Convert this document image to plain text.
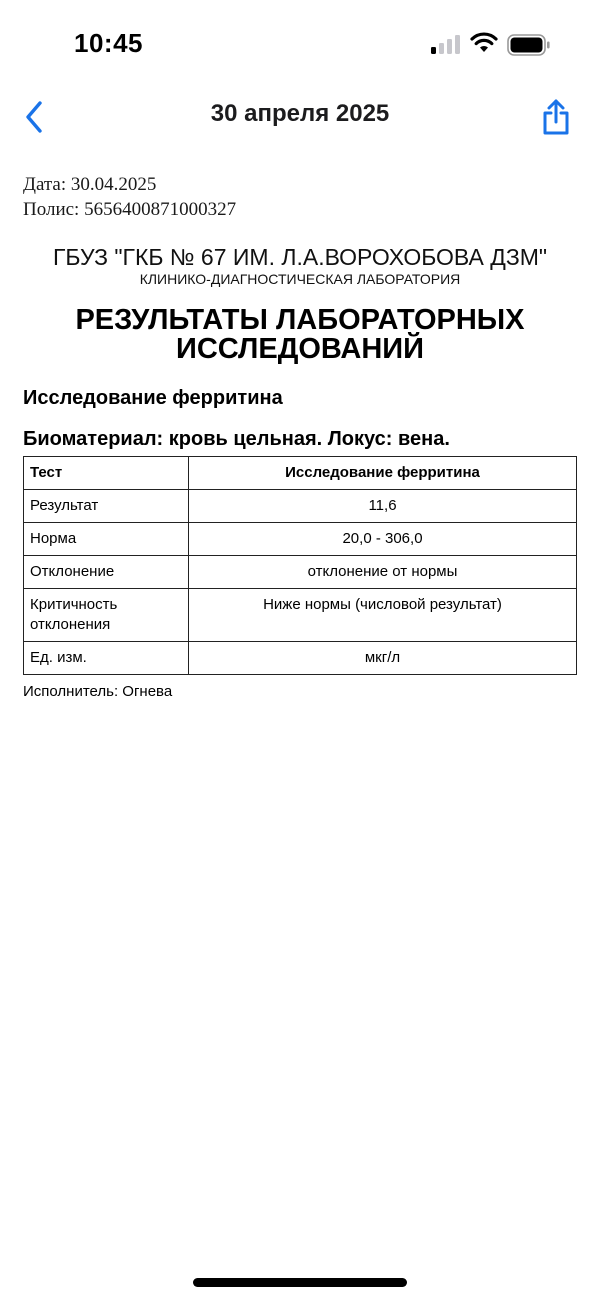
10:45
30 апреля 2025
Дата: 30.04.2025
Полис: 5656400871000327
ГБУЗ "ГКБ № 67 ИМ. Л.А.ВОРОХОБОВА ДЗМ"
КЛИНИКО-ДИАГНОСТИЧЕСКАЯ ЛАБОРАТОРИЯ
РЕЗУЛЬТАТЫ ЛАБОРАТОРНЫХ
ИССЛЕДОВАНИЙ
Исследование ферритина
Биоматериал: кровь цельная. Локус: вена.
Тест	Исследование ферритина
Результат	11,6
Норма	20,0 - 306,0
Отклонение	отклонение от нормы
Критичность отклонения	Ниже нормы (числовой результат)
Ед. изм.	мкг/л
Исполнитель: Огнева
